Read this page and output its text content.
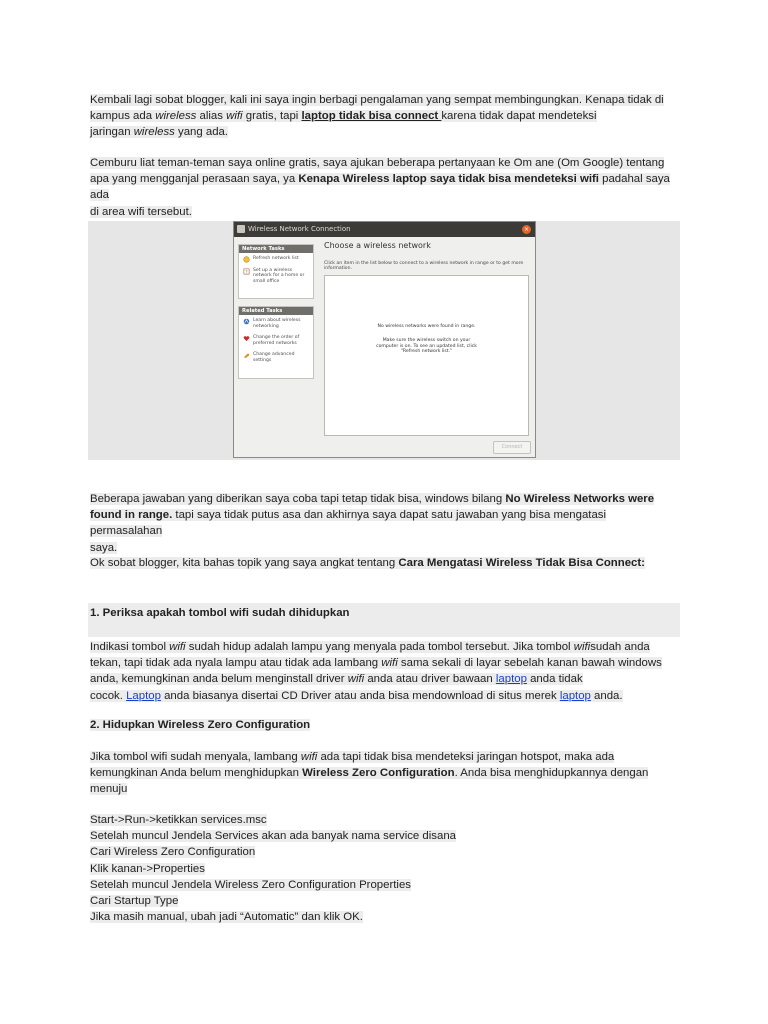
Kembali lagi sobat blogger, kali ini saya ingin berbagi pengalaman yang sempat membingungkan. Kenapa tidak di
kampus ada wireless alias wifi gratis, tapi laptop tidak bisa connect karena tidak dapat mendeteksi
jaringan wireless yang ada.
Cemburu liat teman-teman saya online gratis, saya ajukan beberapa pertanyaan ke Om ane (Om Google) tentang
apa yang mengganjal perasaan saya, ya Kenapa Wireless laptop saya tidak bisa mendeteksi wifi padahal saya ada
di area wifi tersebut.
Wireless Network Connection	×
Network Tasks
Refresh network list
?
Set up a wireless network for a home or small office
Related Tasks
Learn about wireless networking
Change the order of preferred networks
Change advanced settings
Choose a wireless network
Click an item in the list below to connect to a wireless network in range or to get more information.
No wireless networks were found in range.
Make sure the wireless switch on your computer is on. To see an updated list, click "Refresh network list."
Connect
Beberapa jawaban yang diberikan saya coba tapi tetap tidak bisa, windows bilang No Wireless Networks were
found in range. tapi saya tidak putus asa dan akhirnya saya dapat satu jawaban yang bisa mengatasi permasalahan
saya.
Ok sobat blogger, kita bahas topik yang saya angkat tentang Cara Mengatasi Wireless Tidak Bisa Connect:
1. Periksa apakah tombol wifi sudah dihidupkan
Indikasi tombol wifi sudah hidup adalah lampu yang menyala pada tombol tersebut. Jika tombol wifisudah anda
tekan, tapi tidak ada nyala lampu atau tidak ada lambang wifi sama sekali di layar sebelah kanan bawah windows
anda, kemungkinan anda belum menginstall driver wifi anda atau driver bawaan laptop anda tidak
cocok. Laptop anda biasanya disertai CD Driver atau anda bisa mendownload di situs merek laptop anda.
2. Hidupkan Wireless Zero Configuration
Jika tombol wifi sudah menyala, lambang wifi ada tapi tidak bisa mendeteksi jaringan hotspot, maka ada
kemungkinan Anda belum menghidupkan Wireless Zero Configuration. Anda bisa menghidupkannya dengan
menuju
Start->Run->ketikkan services.msc
Setelah muncul Jendela Services akan ada banyak nama service disana
Cari Wireless Zero Configuration
Klik kanan->Properties
Setelah muncul Jendela Wireless Zero Configuration Properties
Cari Startup Type
Jika masih manual, ubah jadi “Automatic” dan klik OK.
